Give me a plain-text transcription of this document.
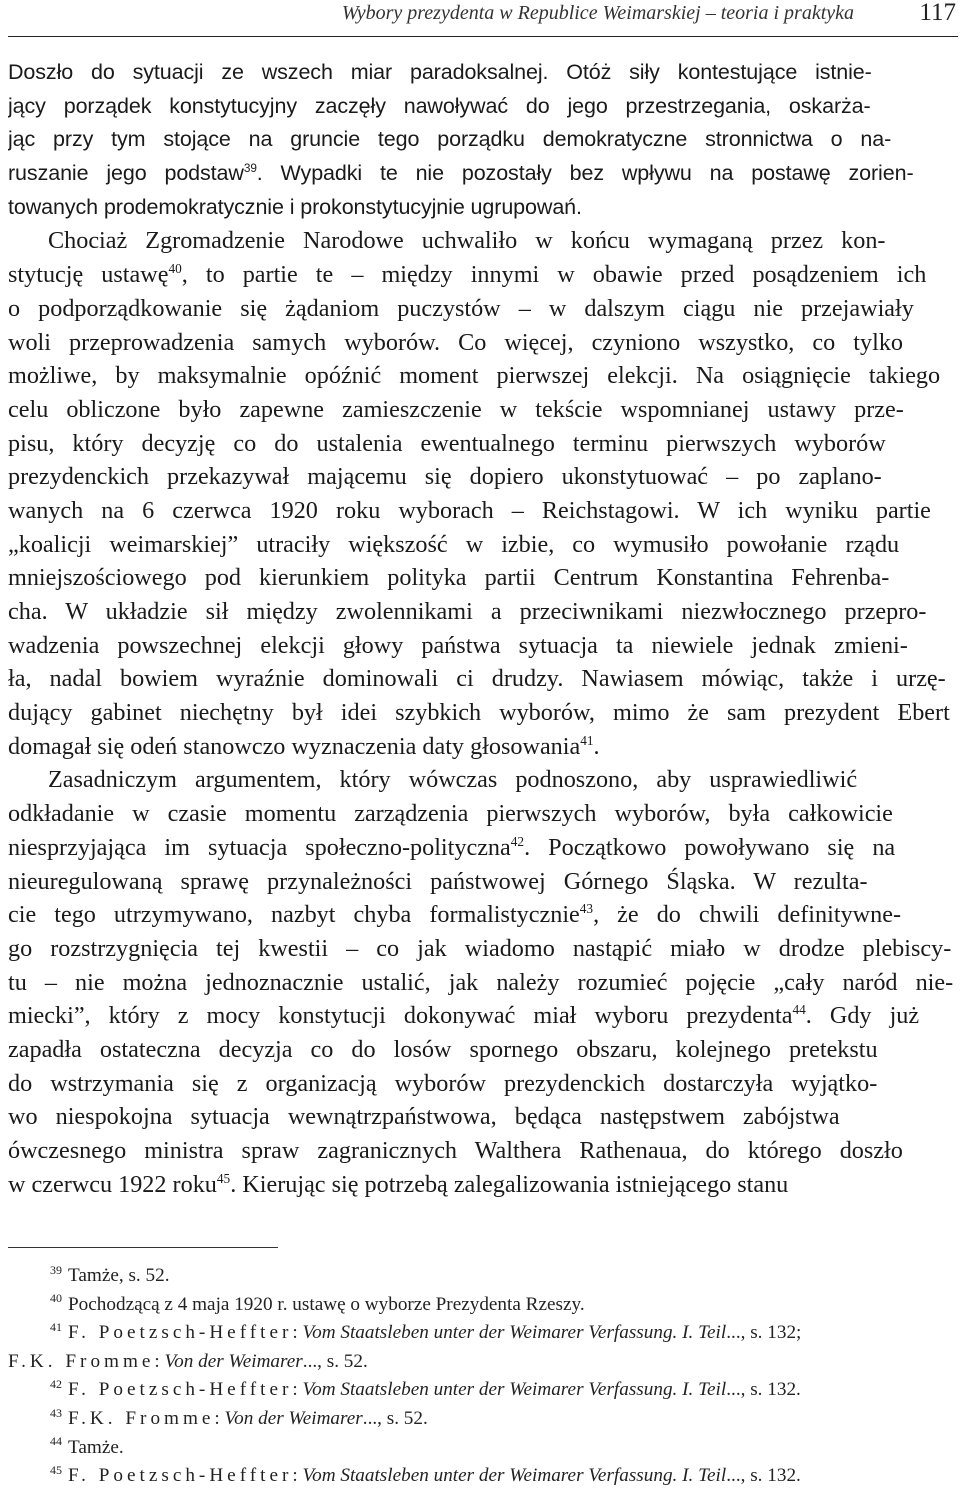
Wybory prezydenta w Republice Weimarskiej – teoria i praktyka	117
Doszło do sytuacji ze wszech miar paradoksalnej. Otóż siły kontestujące istnie-
jący porządek konstytucyjny zaczęły nawoływać do jego przestrzegania, oskarża-
jąc przy tym stojące na gruncie tego porządku demokratyczne stronnictwa o na-
ruszanie jego podstaw$^{39}$. Wypadki te nie pozostały bez wpływu na postawę zorien-
towanych prodemokratycznie i prokonstytucyjnie ugrupowań.
Chociaż Zgromadzenie Narodowe uchwaliło w końcu wymaganą przez kon-
stytucję ustawę$^{40}$, to partie te – między innymi w obawie przed posądzeniem ich
o podporządkowanie się żądaniom puczystów – w dalszym ciągu nie przejawiały
woli przeprowadzenia samych wyborów. Co więcej, czyniono wszystko, co tylko
możliwe, by maksymalnie opóźnić moment pierwszej elekcji. Na osiągnięcie takiego
celu obliczone było zapewne zamieszczenie w tekście wspomnianej ustawy prze-
pisu, który decyzję co do ustalenia ewentualnego terminu pierwszych wyborów
prezydenckich przekazywał mającemu się dopiero ukonstytuować – po zaplano-
wanych na 6 czerwca 1920 roku wyborach – Reichstagowi. W ich wyniku partie
„koalicji weimarskiej” utraciły większość w izbie, co wymusiło powołanie rządu
mniejszościowego pod kierunkiem polityka partii Centrum Konstantina Fehrenba-
cha. W układzie sił między zwolennikami a przeciwnikami niezwłocznego przepro-
wadzenia powszechnej elekcji głowy państwa sytuacja ta niewiele jednak zmieni-
ła, nadal bowiem wyraźnie dominowali ci drudzy. Nawiasem mówiąc, także i urzę-
dujący gabinet niechętny był idei szybkich wyborów, mimo że sam prezydent Ebert
domagał się odeń stanowczo wyznaczenia daty głosowania$^{41}$.
Zasadniczym argumentem, który wówczas podnoszono, aby usprawiedliwić
odkładanie w czasie momentu zarządzenia pierwszych wyborów, była całkowicie
niesprzyjająca im sytuacja społeczno-polityczna$^{42}$. Początkowo powoływano się na
nieuregulowaną sprawę przynależności państwowej Górnego Śląska. W rezulta-
cie tego utrzymywano, nazbyt chyba formalistycznie$^{43}$, że do chwili definitywne-
go rozstrzygnięcia tej kwestii – co jak wiadomo nastąpić miało w drodze plebiscy-
tu – nie można jednoznacznie ustalić, jak należy rozumieć pojęcie „cały naród nie-
miecki”, który z mocy konstytucji dokonywać miał wyboru prezydenta$^{44}$. Gdy już
zapadła ostateczna decyzja co do losów spornego obszaru, kolejnego pretekstu
do wstrzymania się z organizacją wyborów prezydenckich dostarczyła wyjątko-
wo niespokojna sytuacja wewnątrzpaństwowa, będąca następstwem zabójstwa
ówczesnego ministra spraw zagranicznych Walthera Rathenaua, do którego doszło
w czerwcu 1922 roku$^{45}$. Kierując się potrzebą zalegalizowania istniejącego stanu
$^{39}$ Tamże, s. 52.
$^{40}$ Pochodzącą z 4 maja 1920 r. ustawę o wyborze Prezydenta Rzeszy.
$^{41}$ F. Poetzsch-Heffter: Vom Staatsleben unter der Weimarer Verfassung. I. Teil..., s. 132;
F.K. Fromme: Von der Weimarer..., s. 52.
$^{42}$ F. Poetzsch-Heffter: Vom Staatsleben unter der Weimarer Verfassung. I. Teil..., s. 132.
$^{43}$ F.K. Fromme: Von der Weimarer..., s. 52.
$^{44}$ Tamże.
$^{45}$ F. Poetzsch-Heffter: Vom Staatsleben unter der Weimarer Verfassung. I. Teil..., s. 132.
